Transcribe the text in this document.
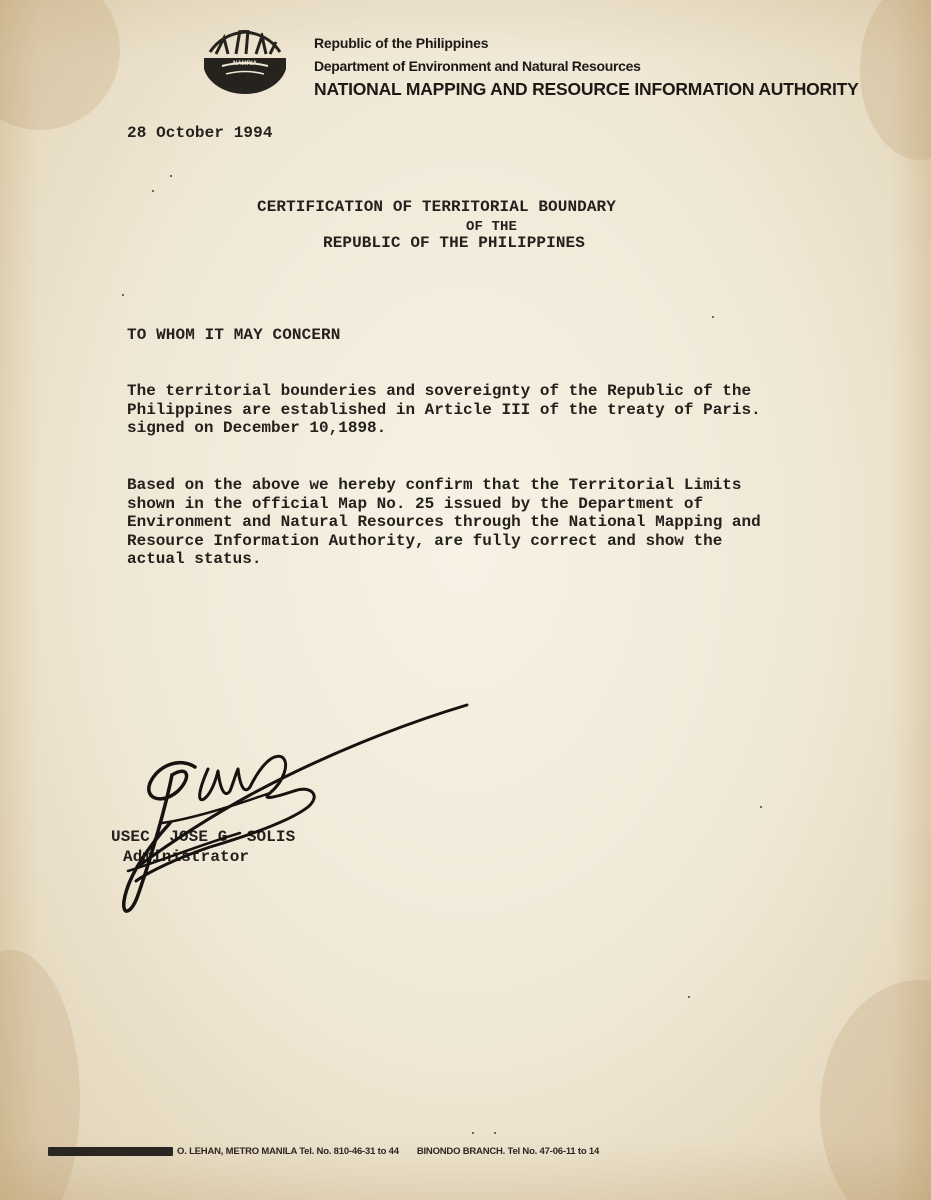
NAMRIA
Republic of the Philippines
Department of Environment and Natural Resources
NATIONAL MAPPING AND RESOURCE INFORMATION AUTHORITY
28 October 1994
CERTIFICATION OF TERRITORIAL BOUNDARY
OF THE
REPUBLIC OF THE PHILIPPINES
TO WHOM IT MAY CONCERN
The territorial bounderies and sovereignty of the Republic of the
Philippines are established in Article III of the treaty of Paris.
signed on December 10,1898.
Based on the above we hereby confirm that the Territorial Limits
shown in the official Map No. 25 issued by the Department of
Environment and Natural Resources through the National Mapping and
Resource Information Authority, are fully correct and show the
actual status.
USEC. JOSE G. SOLIS
Administrator
O. LEHAN, METRO MANILA Tel. No. 810-46-31 to 44 BINONDO BRANCH. Tel No. 47-06-11 to 14
